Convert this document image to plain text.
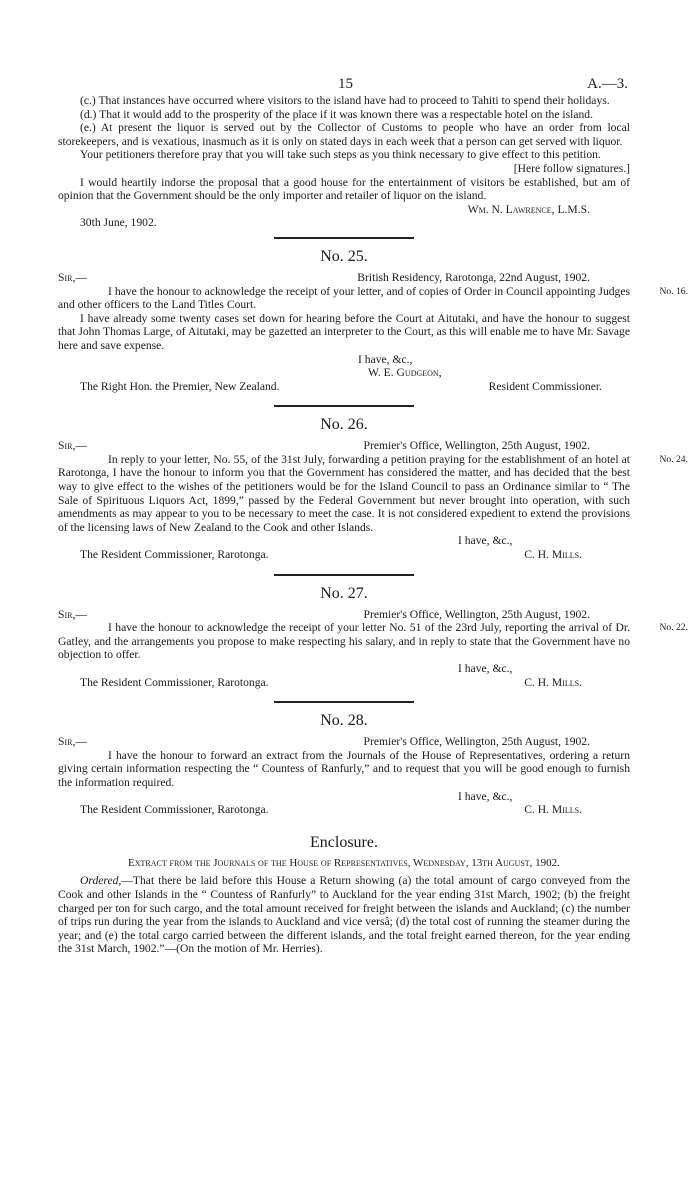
15	A.—3.

(c.) That instances have occurred where visitors to the island have had to proceed to Tahiti to spend their holidays.

(d.) That it would add to the prosperity of the place if it was known there was a respectable hotel on the island.

(e.) At present the liquor is served out by the Collector of Customs to people who have an order from local storekeepers, and is vexatious, inasmuch as it is only on stated days in each week that a person can get served with liquor.

Your petitioners therefore pray that you will take such steps as you think necessary to give effect to this petition.

[Here follow signatures.]

I would heartily indorse the proposal that a good house for the entertainment of visitors be established, but am of opinion that the Government should be the only importer and retailer of liquor on the island.

Wm. N. Lawrence, L.M.S.

30th June, 1902.

No. 25.
Sir,—	British Residency, Rarotonga, 22nd August, 1902.
No. 16.

I have the honour to acknowledge the receipt of your letter, and of copies of Order in Council appointing Judges and other officers to the Land Titles Court.

I have already some twenty cases set down for hearing before the Court at Aitutaki, and have the honour to suggest that John Thomas Large, of Aitutaki, may be gazetted an interpreter to the Court, as this will enable me to have Mr. Savage here and save expense.

I have, &c.,

W. E. Gudgeon,

The Right Hon. the Premier, New Zealand.	Resident Commissioner.
No. 26.
Sir,—	Premier's Office, Wellington, 25th August, 1902.
No. 24.

In reply to your letter, No. 55, of the 31st July, forwarding a petition praying for the establishment of an hotel at Rarotonga, I have the honour to inform you that the Government has considered the matter, and has decided that the best way to give effect to the wishes of the petitioners would be for the Island Council to pass an Ordinance similar to “ The Sale of Spirituous Liquors Act, 1899,” passed by the Federal Government but never brought into operation, with such amendments as may appear to you to be necessary to meet the case. It is not considered expedient to extend the provisions of the licensing laws of New Zealand to the Cook and other Islands.

I have, &c.,

The Resident Commissioner, Rarotonga.	C. H. Mills.
No. 27.
Sir,—	Premier's Office, Wellington, 25th August, 1902.
No. 22.

I have the honour to acknowledge the receipt of your letter No. 51 of the 23rd July, reporting the arrival of Dr. Gatley, and the arrangements you propose to make respecting his salary, and in reply to state that the Government have no objection to offer.

I have, &c.,

The Resident Commissioner, Rarotonga.	C. H. Mills.
No. 28.
Sir,—	Premier's Office, Wellington, 25th August, 1902.

I have the honour to forward an extract from the Journals of the House of Representatives, ordering a return giving certain information respecting the “ Countess of Ranfurly,” and to request that you will be good enough to furnish the information required.

I have, &c.,

The Resident Commissioner, Rarotonga.	C. H. Mills.
Enclosure.

Extract from the Journals of the House of Representatives, Wednesday, 13th August, 1902.

Ordered,—That there be laid before this House a Return showing (a) the total amount of cargo conveyed from the Cook and other Islands in the “ Countess of Ranfurly” to Auckland for the year ending 31st March, 1902; (b) the freight charged per ton for such cargo, and the total amount received for freight between the islands and Auckland; (c) the number of trips run during the year from the islands to Auckland and vice versâ; (d) the total cost of running the steamer during the year; and (e) the total cargo carried between the different islands, and the total freight earned thereon, for the year ending the 31st March, 1902.”—(On the motion of Mr. Herries).
